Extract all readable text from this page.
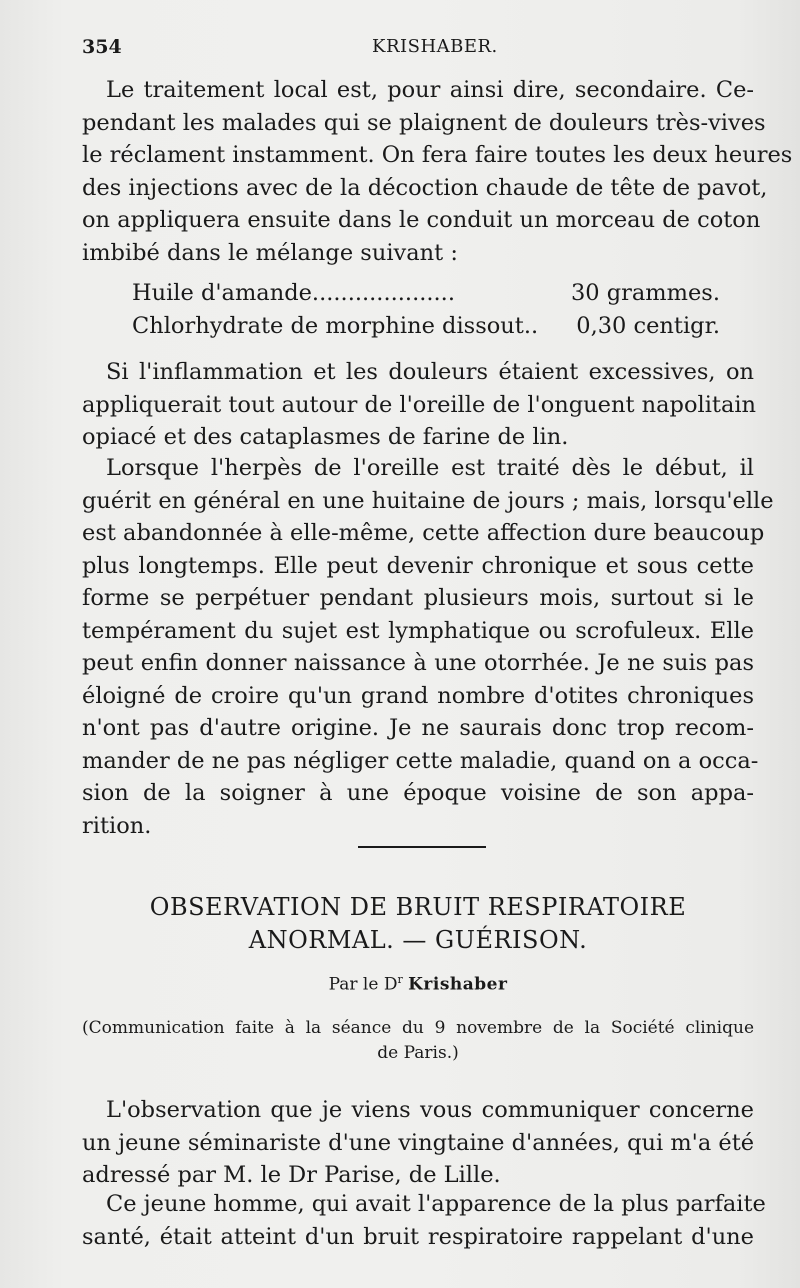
354	KRISHABER.

Le traitement local est, pour ainsi dire, secondaire. Ce-

pendant les malades qui se plaignent de douleurs très-vives

le réclament instamment. On fera faire toutes les deux heures

des injections avec de la décoction chaude de tête de pavot,

on appliquera ensuite dans le conduit un morceau de coton

imbibé dans le mélange suivant :

Huile d'amande....................	30 grammes.
Chlorhydrate de morphine dissout.. 0,30 centigr.

Si l'inflammation et les douleurs étaient excessives, on

appliquerait tout autour de l'oreille de l'onguent napolitain

opiacé et des cataplasmes de farine de lin.

Lorsque l'herpès de l'oreille est traité dès le début, il

guérit en général en une huitaine de jours ; mais, lorsqu'elle

est abandonnée à elle-même, cette affection dure beaucoup

plus longtemps. Elle peut devenir chronique et sous cette

forme se perpétuer pendant plusieurs mois, surtout si le

tempérament du sujet est lymphatique ou scrofuleux. Elle

peut enfin donner naissance à une otorrhée. Je ne suis pas

éloigné de croire qu'un grand nombre d'otites chroniques

n'ont pas d'autre origine. Je ne saurais donc trop recom-

mander de ne pas négliger cette maladie, quand on a occa-

sion de la soigner à une époque voisine de son appa-

rition.

OBSERVATION DE BRUIT RESPIRATOIRE
ANORMAL. — GUÉRISON.
Par le $D^r$ Krishaber
(Communication faite à la séance du 9 novembre de la Société clinique
de Paris.)

L'observation que je viens vous communiquer concerne

un jeune séminariste d'une vingtaine d'années, qui m'a été

adressé par M. le Dr Parise, de Lille.

Ce jeune homme, qui avait l'apparence de la plus parfaite

santé, était atteint d'un bruit respiratoire rappelant d'une
